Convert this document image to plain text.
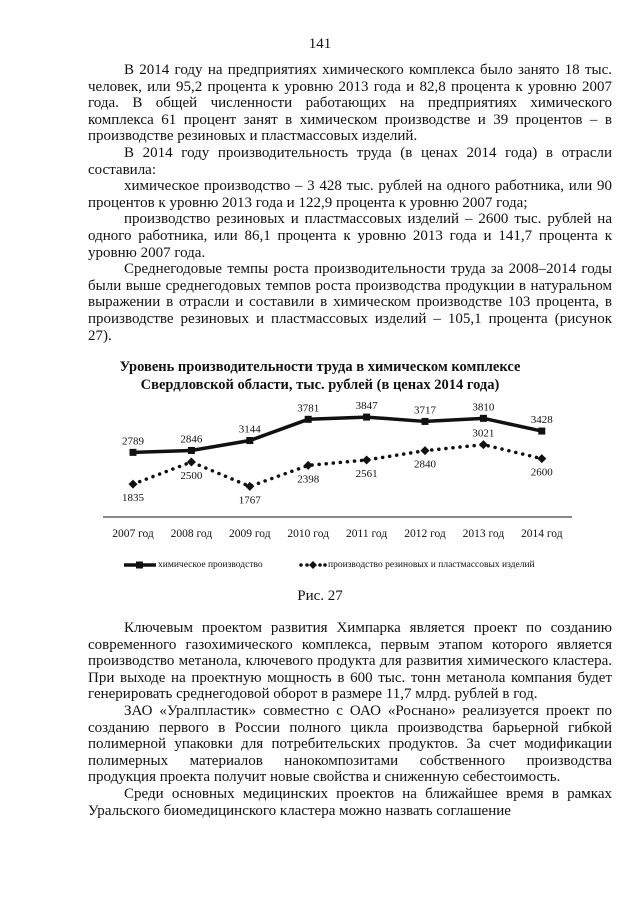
141

В 2014 году на предприятиях химического комплекса было занято 18 тыс. человек, или 95,2 процента к уровню 2013 года и 82,8 процента к уровню 2007 года. В общей численности работающих на предприятиях химического комплекса 61 процент занят в химическом производстве и 39 процентов – в производстве резиновых и пластмассовых изделий.

В 2014 году производительность труда (в ценах 2014 года) в отрасли составила:

химическое производство – 3 428 тыс. рублей на одного работника, или 90 процентов к уровню 2013 года и 122,9 процента к уровню 2007 года;

производство резиновых и пластмассовых изделий – 2600 тыс. рублей на одного работника, или 86,1 процента к уровню 2013 года и 141,7 процента к уровню 2007 года.

Среднегодовые темпы роста производительности труда за 2008–2014 годы были выше среднегодовых темпов роста производства продукции в натуральном выражении в отрасли и составили в химическом производстве 103 процента, в производстве резиновых и пластмассовых изделий – 105,1 процента (рисунок 27).

Уровень производительности труда в химическом комплексе
Свердловской области, тыс. рублей (в ценах 2014 года)
2007 год 2008 год 2009 год 2010 год 2011 год 2012 год 2013 год 2014 год
2789	2846
3144
3781	3847	3717	3810
3428
1835
2500
1767
2398	2561
2840
3021
2600
химическое производство	производство резиновых и пластмассовых изделий
Рис. 27

Ключевым проектом развития Химпарка является проект по созданию современного газохимического комплекса, первым этапом которого является производство метанола, ключевого продукта для развития химического кластера. При выходе на проектную мощность в 600 тыс. тонн метанола компания будет генерировать среднегодовой оборот в размере 11,7 млрд. рублей в год.

ЗАО «Уралпластик» совместно с ОАО «Роснано» реализуется проект по созданию первого в России полного цикла производства барьерной гибкой полимерной упаковки для потребительских продуктов. За счет модификации полимерных материалов нанокомпозитами собственного производства продукция проекта получит новые свойства и сниженную себестоимость.

Среди основных медицинских проектов на ближайшее время в рамках Уральского биомедицинского кластера можно назвать соглашение
